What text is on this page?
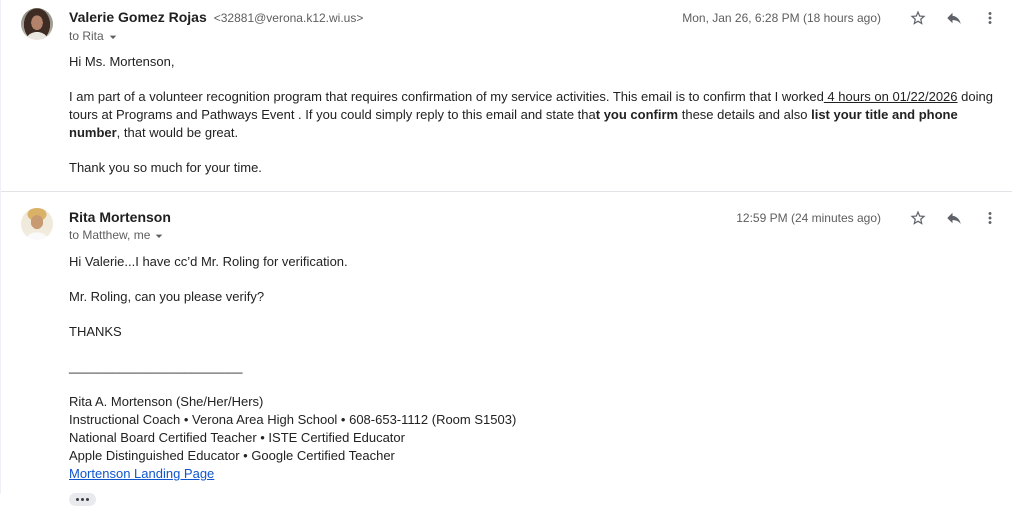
Valerie Gomez Rojas <32881@verona.k12.wi.us>
to Rita
Mon, Jan 26, 6:28 PM (18 hours ago)

Hi Ms. Mortenson,

I am part of a volunteer recognition program that requires confirmation of my service activities. This email is to confirm that I worked 4 hours on 01/22/2026 doing tours at Programs and Pathways Event . If you could simply reply to this email and state that you confirm these details and also list your title and phone number, that would be great.

Thank you so much for your time.

Rita Mortenson
to Matthew, me
12:59 PM (24 minutes ago)

Hi Valerie...I have cc’d Mr. Roling for verification.

Mr. Roling, can you please verify?

THANKS

________________________

Rita A. Mortenson (She/Her/Hers)
Instructional Coach • Verona Area High School • 608-653-1112 (Room S1503)
National Board Certified Teacher • ISTE Certified Educator
Apple Distinguished Educator • Google Certified Teacher
Mortenson Landing Page
